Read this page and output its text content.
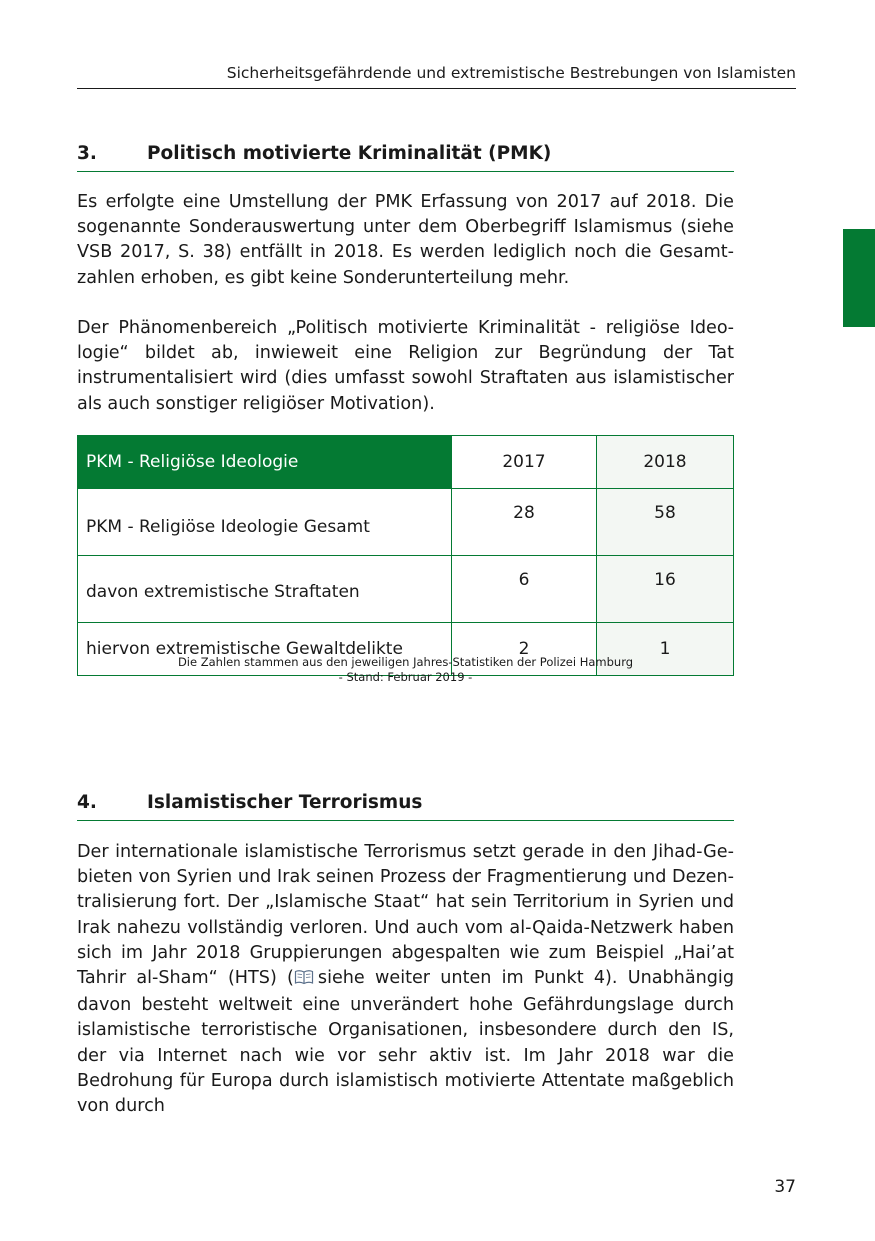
Sicherheitsgefährdende und extremistische Bestrebungen von Islamisten
3.	Politisch motivierte Kriminalität (PMK)

Es erfolgte eine Umstellung der PMK Erfassung von 2017 auf 2018. Die sogenannte Sonderauswertung unter dem Oberbegriff Islamismus (siehe VSB 2017, S. 38) entfällt in 2018. Es werden lediglich noch die Gesamtzahlen erhoben, es gibt keine Sonderunterteilung mehr.

Der Phänomenbereich „Politisch motivierte Kriminalität - religiöse Ideologie“ bildet ab, inwieweit eine Religion zur Begründung der Tat instrumentalisiert wird (dies umfasst sowohl Straftaten aus islamistischer als auch sonstiger religiöser Motivation).

PKM - Religiöse Ideologie	2017	2018
PKM - Religiöse Ideologie Gesamt	28	58
davon extremistische Straftaten	6	16
hiervon extremistische Gewaltdelikte	2	1
Die Zahlen stammen aus den jeweiligen Jahres-Statistiken der Polizei Hamburg
- Stand: Februar 2019 -
4.	Islamistischer Terrorismus

Der internationale islamistische Terrorismus setzt gerade in den Jihad-Gebieten von Syrien und Irak seinen Prozess der Fragmentierung und Dezentralisierung fort. Der „Islamische Staat“ hat sein Territorium in Syrien und Irak nahezu vollständig verloren. Und auch vom al-Qaida-Netzwerk haben sich im Jahr 2018 Gruppierungen abgespalten wie zum Beispiel „Hai’at Tahrir al-Sham“ (HTS) ( siehe weiter unten im Punkt 4). Unabhängig davon besteht weltweit eine unverändert hohe Gefährdungslage durch islamistische terroristische Organisationen, insbesondere durch den IS, der via Internet nach wie vor sehr aktiv ist. Im Jahr 2018 war die Bedrohung für Europa durch islamistisch motivierte Attentate maßgeblich von durch

37
